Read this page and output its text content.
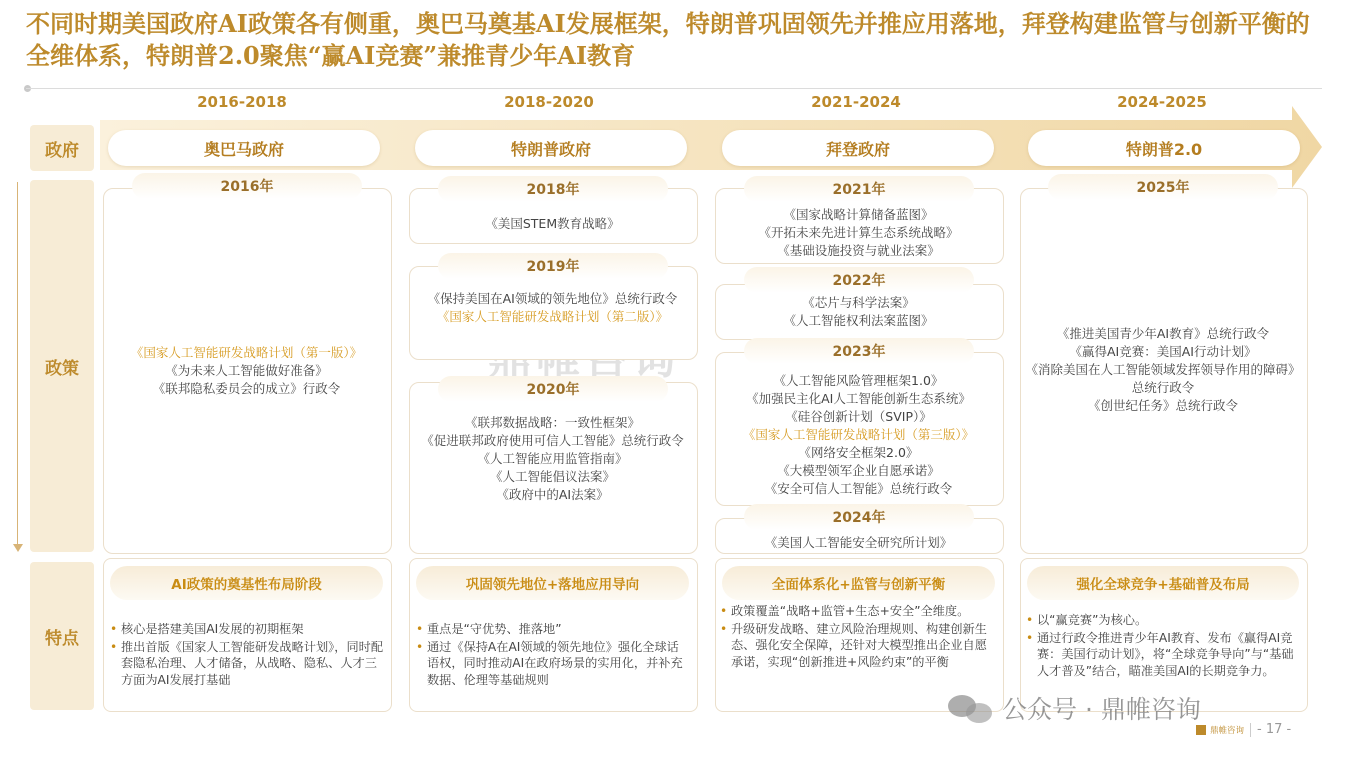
不同时期美国政府AI政策各有侧重，奥巴马奠基AI发展框架，特朗普巩固领先并推应用落地，拜登构建监管与创新平衡的全维体系，特朗普2.0聚焦“赢AI竞赛”兼推青少年AI教育
2016-2018	2018-2020	2021-2024	2024-2025
政府
政策
特点
奥巴马政府	特朗普政府	拜登政府	特朗普2.0
2016年
《国家人工智能研发战略计划（第一版）》
《为未来人工智能做好准备》
《联邦隐私委员会的成立》行政令
2018年
《美国STEM教育战略》
2019年
《保持美国在AI领域的领先地位》总统行政令
《国家人工智能研发战略计划（第二版）》
2020年
《联邦数据战略：一致性框架》
《促进联邦政府使用可信人工智能》总统行政令
《人工智能应用监管指南》
《人工智能倡议法案》
《政府中的AI法案》
2021年
《国家战略计算储备蓝图》
《开拓未来先进计算生态系统战略》
《基础设施投资与就业法案》
2022年
《芯片与科学法案》
《人工智能权利法案蓝图》
2023年
《人工智能风险管理框架1.0》
《加强民主化AI人工智能创新生态系统》
《硅谷创新计划（SVIP）》
《国家人工智能研发战略计划（第三版）》
《网络安全框架2.0》
《大模型领军企业自愿承诺》
《安全可信人工智能》总统行政令
2024年
《美国人工智能安全研究所计划》
2025年
《推进美国青少年AI教育》总统行政令
《赢得AI竞赛：美国AI行动计划》
《消除美国在人工智能领域发挥领导作用的障碍》总统行政令
《创世纪任务》总统行政令
AI政策的奠基性布局阶段
• 核心是搭建美国AI发展的初期框架
• 推出首版《国家人工智能研发战略计划》，同时配套隐私治理、人才储备，从战略、隐私、人才三方面为AI发展打基础
巩固领先地位+落地应用导向
• 重点是“守优势、推落地”
• 通过《保持A在AI领域的领先地位》强化全球话语权，同时推动AI在政府场景的实用化，并补充数据、伦理等基础规则
全面体系化+监管与创新平衡
• 政策覆盖“战略+监管+生态+安全”全维度。
• 升级研发战略、建立风险治理规则、构建创新生态、强化安全保障，还针对大模型推出企业自愿承诺，实现“创新推进+风险约束”的平衡
强化全球竞争+基础普及布局
• 以“赢竞赛”为核心。
• 通过行政令推进青少年AI教育、发布《赢得AI竞赛：美国行动计划》，将“全球竞争导向”与“基础人才普及”结合，瞄准美国AI的长期竞争力。
公众号 · 鼎帷咨询
鼎帷咨询 - 17 -
